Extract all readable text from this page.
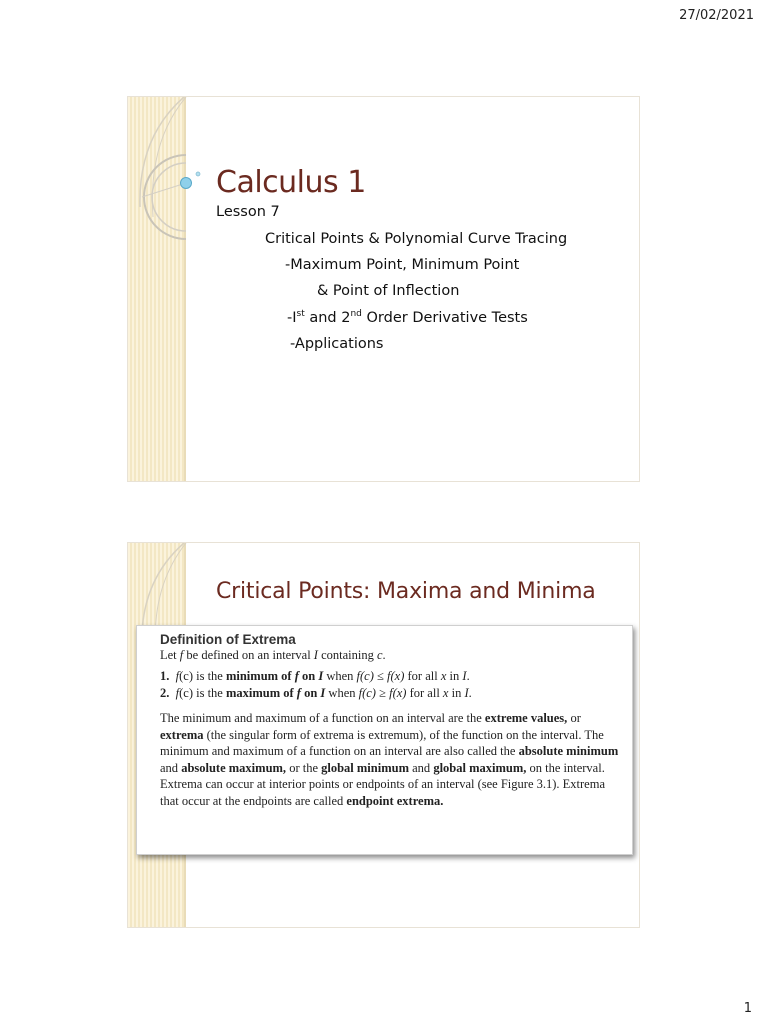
27/02/2021
Calculus 1
Lesson 7
Critical Points & Polynomial Curve Tracing
-Maximum Point, Minimum Point
& Point of Inflection
-Ist and 2nd Order Derivative Tests
-Applications
Critical Points: Maxima and Minima
Definition of Extrema
Let f be defined on an interval I containing c.
1. f(c) is the minimum of f on I when f(c) ≤ f(x) for all x in I.
2. f(c) is the maximum of f on I when f(c) ≥ f(x) for all x in I.
The minimum and maximum of a function on an interval are the extreme values, or extrema (the singular form of extrema is extremum), of the function on the interval. The minimum and maximum of a function on an interval are also called the absolute minimum and absolute maximum, or the global minimum and global maximum, on the interval. Extrema can occur at interior points or endpoints of an interval (see Figure 3.1). Extrema that occur at the endpoints are called endpoint extrema.
1
